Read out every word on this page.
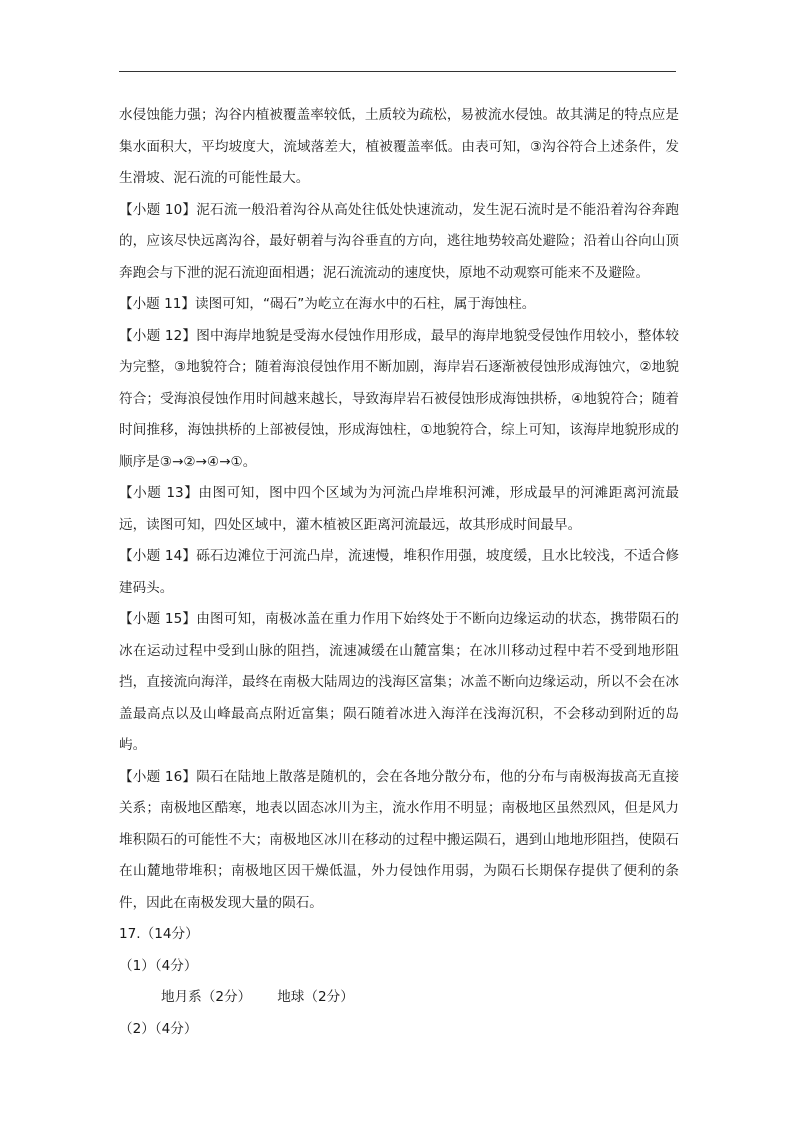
水侵蚀能力强；沟谷内植被覆盖率较低，土质较为疏松，易被流水侵蚀。故其满足的特点应是集水面积大，平均坡度大，流域落差大，植被覆盖率低。由表可知，③沟谷符合上述条件，发生滑坡、泥石流的可能性最大。

【小题 10】泥石流一般沿着沟谷从高处往低处快速流动，发生泥石流时是不能沿着沟谷奔跑的，应该尽快远离沟谷，最好朝着与沟谷垂直的方向，逃往地势较高处避险；沿着山谷向山顶奔跑会与下泄的泥石流迎面相遇；泥石流流动的速度快，原地不动观察可能来不及避险。

【小题 11】读图可知，“碣石”为屹立在海水中的石柱，属于海蚀柱。

【小题 12】图中海岸地貌是受海水侵蚀作用形成，最早的海岸地貌受侵蚀作用较小，整体较为完整，③地貌符合；随着海浪侵蚀作用不断加剧，海岸岩石逐渐被侵蚀形成海蚀穴，②地貌符合；受海浪侵蚀作用时间越来越长，导致海岸岩石被侵蚀形成海蚀拱桥，④地貌符合；随着时间推移，海蚀拱桥的上部被侵蚀，形成海蚀柱，①地貌符合，综上可知，该海岸地貌形成的顺序是③→②→④→①。

【小题 13】由图可知，图中四个区域为为河流凸岸堆积河滩，形成最早的河滩距离河流最远，读图可知，四处区域中，灌木植被区距离河流最远，故其形成时间最早。

【小题 14】砾石边滩位于河流凸岸，流速慢，堆积作用强，坡度缓，且水比较浅，不适合修建码头。

【小题 15】由图可知，南极冰盖在重力作用下始终处于不断向边缘运动的状态，携带陨石的冰在运动过程中受到山脉的阻挡，流速减缓在山麓富集；在冰川移动过程中若不受到地形阻挡，直接流向海洋，最终在南极大陆周边的浅海区富集；冰盖不断向边缘运动，所以不会在冰盖最高点以及山峰最高点附近富集；陨石随着冰进入海洋在浅海沉积，不会移动到附近的岛屿。

【小题 16】陨石在陆地上散落是随机的，会在各地分散分布，他的分布与南极海拔高无直接关系；南极地区酷寒，地表以固态冰川为主，流水作用不明显；南极地区虽然烈风，但是风力堆积陨石的可能性不大；南极地区冰川在移动的过程中搬运陨石，遇到山地地形阻挡，使陨石在山麓地带堆积；南极地区因干燥低温，外力侵蚀作用弱，为陨石长期保存提供了便利的条件，因此在南极发现大量的陨石。

17.（14分）

（1）（4分）

地月系（2分） 地球（2分）

（2）（4分）
